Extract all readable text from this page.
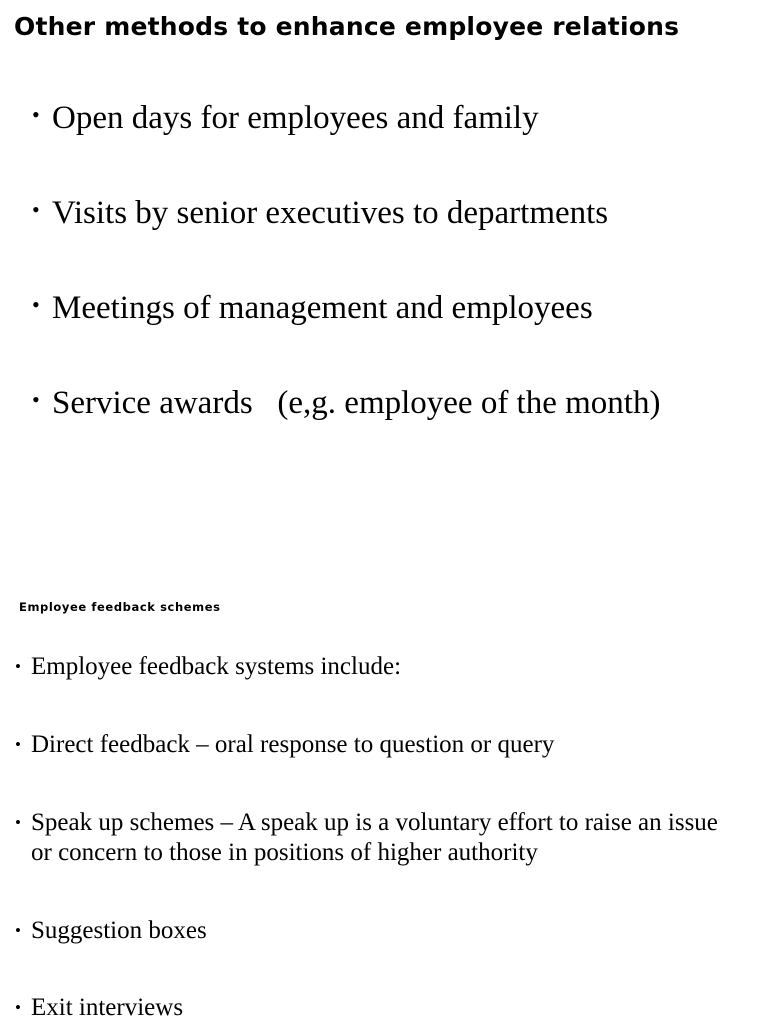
Other methods to enhance employee relations

• Open days for employees and family

• Visits by senior executives to departments

• Meetings of management and employees

• Service awards   (e,g. employee of the month)

Employee feedback schemes

• Employee feedback systems include:

• Direct feedback – oral response to question or query

• Speak up schemes – A speak up is a voluntary effort to raise an issue or concern to those in positions of higher authority

• Suggestion boxes

• Exit interviews
